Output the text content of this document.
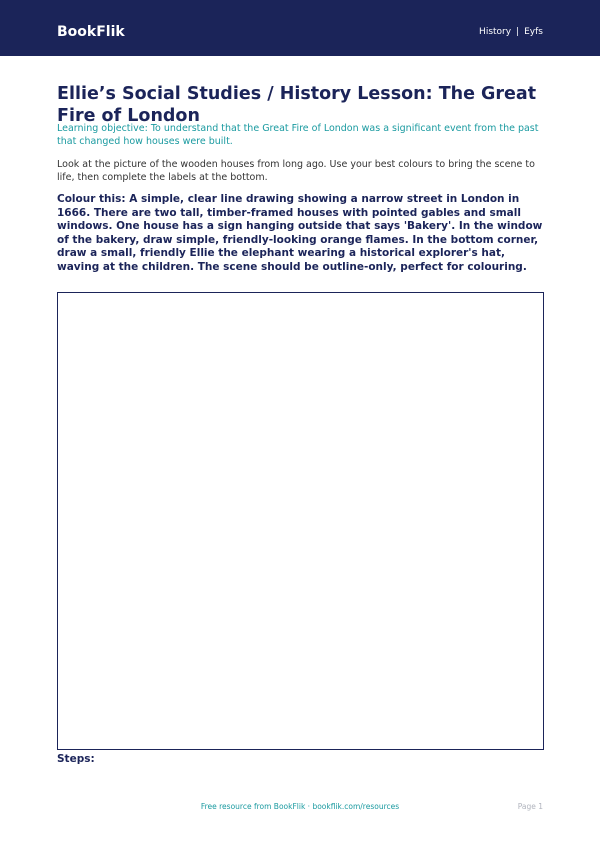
BookFlik	History | Eyfs
Ellie’s Social Studies / History Lesson: The Great Fire of London

Learning objective: To understand that the Great Fire of London was a significant event from the past that changed how houses were built.

Look at the picture of the wooden houses from long ago. Use your best colours to bring the scene to life, then complete the labels at the bottom.

Colour this: A simple, clear line drawing showing a narrow street in London in 1666. There are two tall, timber-framed houses with pointed gables and small windows. One house has a sign hanging outside that says 'Bakery'. In the window of the bakery, draw simple, friendly-looking orange flames. In the bottom corner, draw a small, friendly Ellie the elephant wearing a historical explorer's hat, waving at the children. The scene should be outline-only, perfect for colouring.

Steps:

Free resource from BookFlik · bookflik.com/resources	Page 1
